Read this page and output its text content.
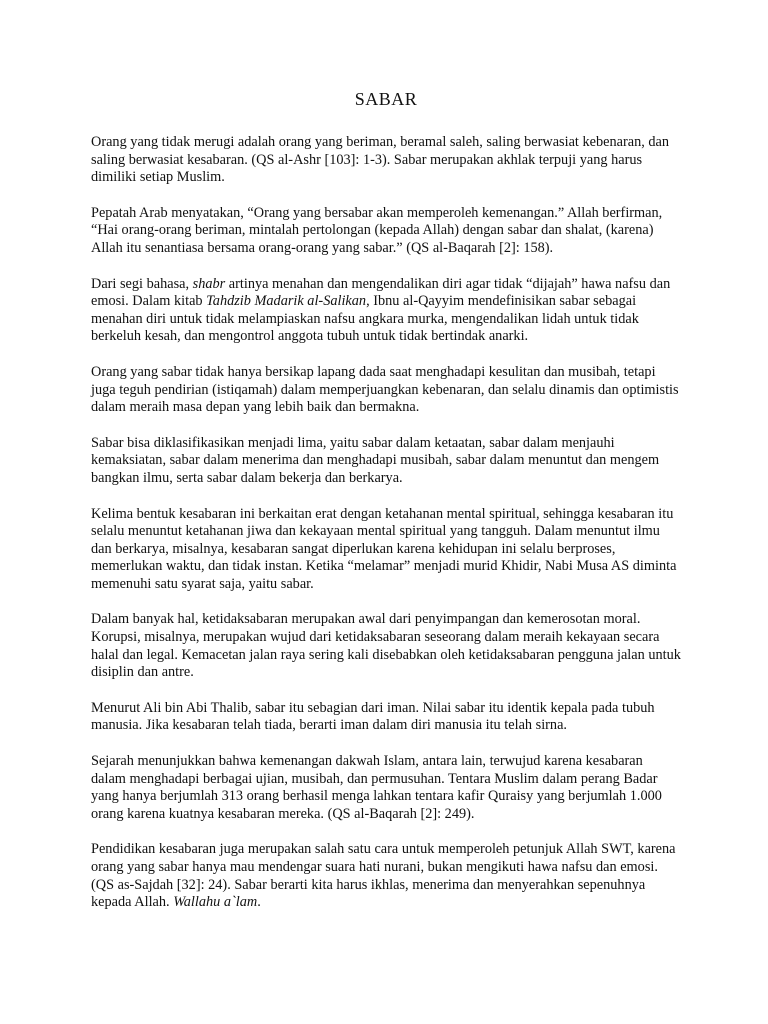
SABAR

Orang yang tidak merugi adalah orang yang beriman, beramal saleh, saling berwasiat kebenaran, dan saling berwasiat kesabaran. (QS al-Ashr [103]: 1-3). Sabar merupakan akhlak terpuji yang harus dimiliki setiap Muslim.

Pepatah Arab menyatakan, “Orang yang bersabar akan memperoleh kemenangan.” Allah berfirman, “Hai orang-orang beriman, mintalah pertolongan (kepada Allah) dengan sabar dan shalat, (karena) Allah itu senantiasa bersama orang-orang yang sabar.” (QS al-Baqarah [2]: 158).

Dari segi bahasa, shabr artinya menahan dan mengendalikan diri agar tidak “dijajah” hawa nafsu dan emosi. Dalam kitab Tahdzib Madarik al-Salikan, Ibnu al-Qayyim mendefinisikan sabar sebagai menahan diri untuk tidak melampiaskan nafsu angkara murka, mengendalikan lidah untuk tidak berkeluh kesah, dan mengontrol anggota tubuh untuk tidak bertindak anarki.

Orang yang sabar tidak hanya bersikap lapang dada saat menghadapi kesulitan dan musibah, tetapi juga teguh pendirian (istiqamah) dalam memperjuangkan kebenaran, dan selalu dinamis dan optimistis dalam meraih masa depan yang lebih baik dan bermakna.

Sabar bisa diklasifikasikan menjadi lima, yaitu sabar dalam ketaatan, sabar dalam menjauhi kemaksiatan, sabar dalam menerima dan menghadapi musibah, sabar dalam menuntut dan mengem bangkan ilmu, serta sabar dalam bekerja dan berkarya.

Kelima bentuk kesabaran ini berkaitan erat dengan ketahanan mental spiritual, sehingga kesabaran itu selalu menuntut ketahanan jiwa dan kekayaan mental spiritual yang tangguh. Dalam menuntut ilmu dan berkarya, misalnya, kesabaran sangat diperlukan karena kehidupan ini selalu berproses, memerlukan waktu, dan tidak instan. Ketika “melamar” menjadi murid Khidir, Nabi Musa AS diminta memenuhi satu syarat saja, yaitu sabar.

Dalam banyak hal, ketidaksabaran merupakan awal dari penyimpangan dan kemerosotan moral. Korupsi, misalnya, merupakan wujud dari ketidaksabaran seseorang dalam meraih kekayaan secara halal dan legal. Kemacetan jalan raya sering kali disebabkan oleh ketidaksabaran pengguna jalan untuk disiplin dan antre.

Menurut Ali bin Abi Thalib, sabar itu sebagian dari iman. Nilai sabar itu identik kepala pada tubuh manusia. Jika kesabaran telah tiada, berarti iman dalam diri manusia itu telah sirna.

Sejarah menunjukkan bahwa kemenangan dakwah Islam, antara lain, terwujud karena kesabaran dalam menghadapi berbagai ujian, musibah, dan permusuhan. Tentara Muslim dalam perang Badar yang hanya berjumlah 313 orang berhasil menga lahkan tentara kafir Quraisy yang berjumlah 1.000 orang karena kuatnya kesabaran mereka. (QS al-Baqarah [2]: 249).

Pendidikan kesabaran juga merupakan salah satu cara untuk memperoleh petunjuk Allah SWT, karena orang yang sabar hanya mau mendengar suara hati nurani, bukan mengikuti hawa nafsu dan emosi. (QS as-Sajdah [32]: 24). Sabar berarti kita harus ikhlas, menerima dan menyerahkan sepenuhnya kepada Allah. Wallahu a`lam.
